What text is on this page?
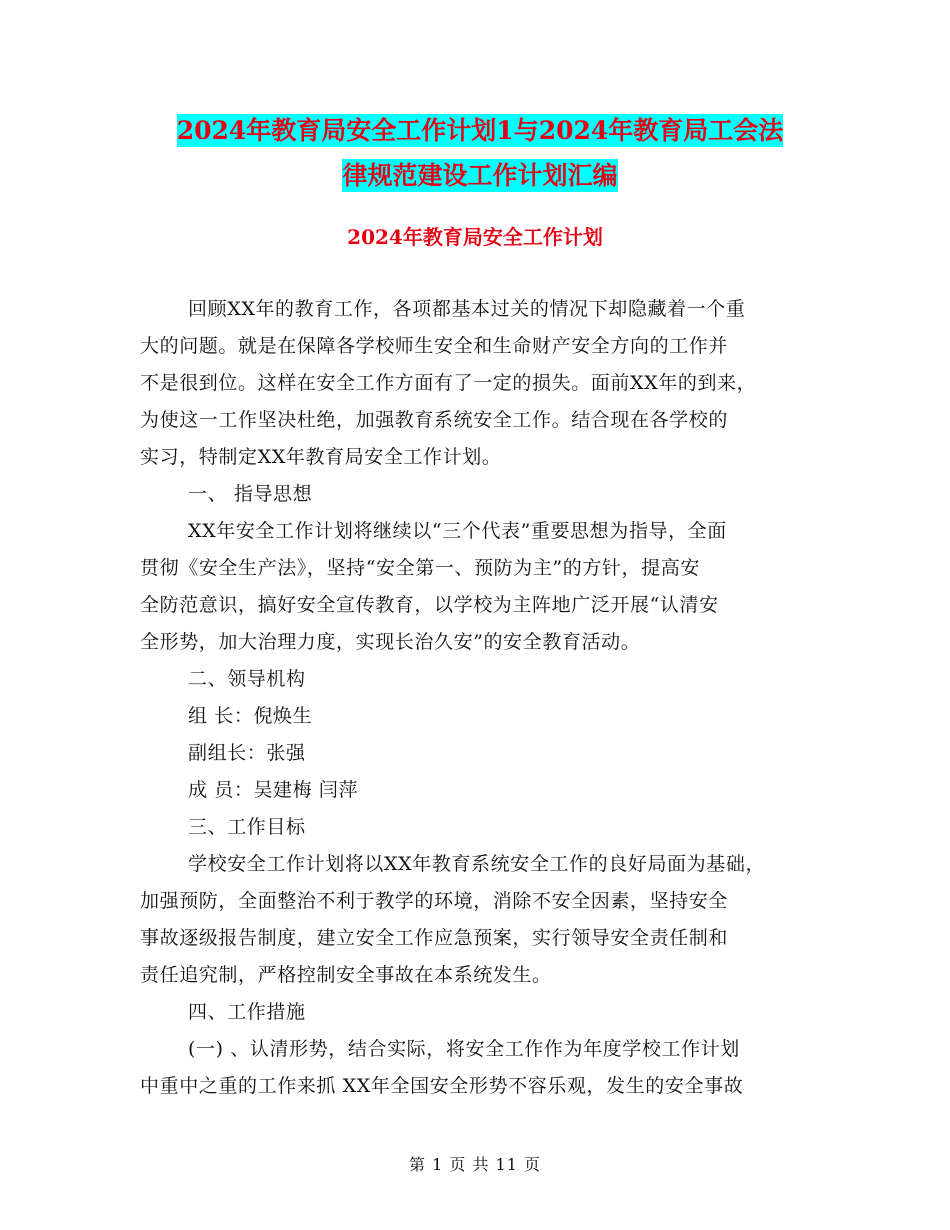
2024年教育局安全工作计划1与2024年教育局工会法
律规范建设工作计划汇编
2024年教育局安全工作计划
回顾XX年的教育工作，各项都基本过关的情况下却隐藏着一个重
大的问题。就是在保障各学校师生安全和生命财产安全方向的工作并
不是很到位。这样在安全工作方面有了一定的损失。面前XX年的到来，
为使这一工作坚决杜绝，加强教育系统安全工作。结合现在各学校的
实习，特制定XX年教育局安全工作计划。
一、 指导思想
XX年安全工作计划将继续以“三个代表”重要思想为指导，全面
贯彻《安全生产法》，坚持“安全第一、预防为主”的方针，提高安
全防范意识，搞好安全宣传教育，以学校为主阵地广泛开展“认清安
全形势，加大治理力度，实现长治久安”的安全教育活动。
二、领导机构
组 长：倪焕生
副组长：张强
成 员：吴建梅 闫萍
三、工作目标
学校安全工作计划将以XX年教育系统安全工作的良好局面为基础，
加强预防，全面整治不利于教学的环境，消除不安全因素，坚持安全
事故逐级报告制度，建立安全工作应急预案，实行领导安全责任制和
责任追究制，严格控制安全事故在本系统发生。
四、工作措施
(一) 、认清形势，结合实际，将安全工作作为年度学校工作计划
中重中之重的工作来抓 XX年全国安全形势不容乐观，发生的安全事故
第 1 页 共 11 页
